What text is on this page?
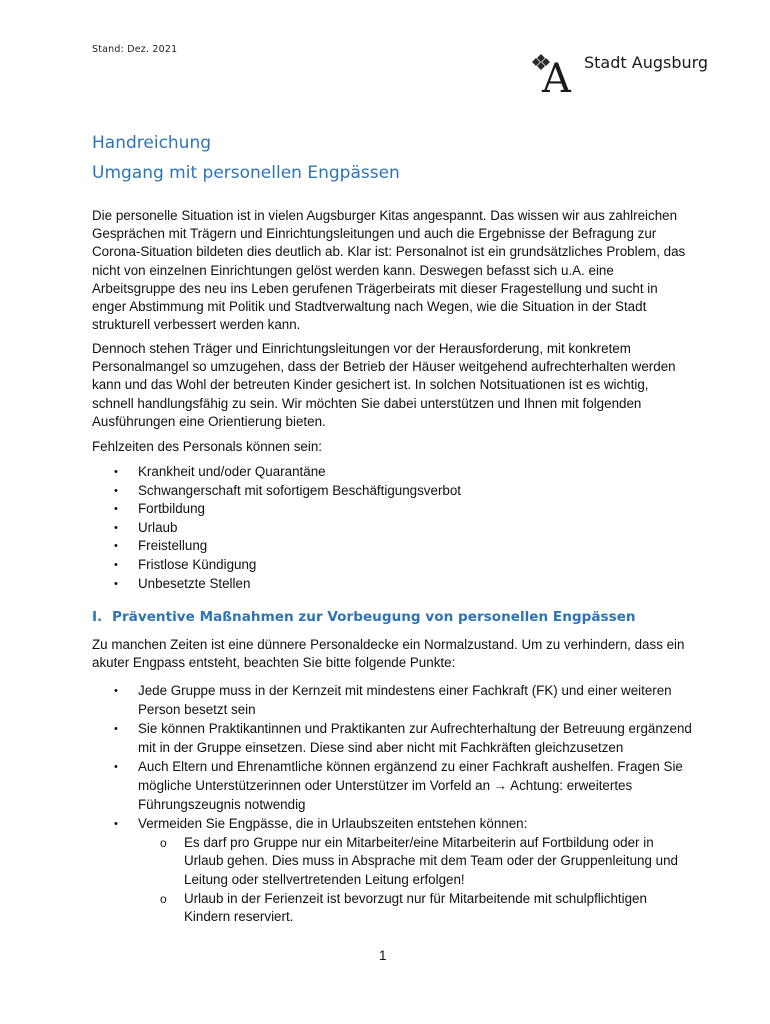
Stand: Dez. 2021
A Stadt Augsburg
Handreichung
Umgang mit personellen Engpässen

Die personelle Situation ist in vielen Augsburger Kitas angespannt. Das wissen wir aus zahlreichen Gesprächen mit Trägern und Einrichtungsleitungen und auch die Ergebnisse der Befragung zur Corona-Situation bildeten dies deutlich ab. Klar ist: Personalnot ist ein grundsätzliches Problem, das nicht von einzelnen Einrichtungen gelöst werden kann. Deswegen befasst sich u.A. eine Arbeitsgruppe des neu ins Leben gerufenen Trägerbeirats mit dieser Fragestellung und sucht in enger Abstimmung mit Politik und Stadtverwaltung nach Wegen, wie die Situation in der Stadt strukturell verbessert werden kann.

Dennoch stehen Träger und Einrichtungsleitungen vor der Herausforderung, mit konkretem Personalmangel so umzugehen, dass der Betrieb der Häuser weitgehend aufrechterhalten werden kann und das Wohl der betreuten Kinder gesichert ist. In solchen Notsituationen ist es wichtig, schnell handlungsfähig zu sein. Wir möchten Sie dabei unterstützen und Ihnen mit folgenden Ausführungen eine Orientierung bieten.

Fehlzeiten des Personals können sein:

• Krankheit und/oder Quarantäne
• Schwangerschaft mit sofortigem Beschäftigungsverbot
• Fortbildung
• Urlaub
• Freistellung
• Fristlose Kündigung
• Unbesetzte Stellen
I. Präventive Maßnahmen zur Vorbeugung von personellen Engpässen

Zu manchen Zeiten ist eine dünnere Personaldecke ein Normalzustand. Um zu verhindern, dass ein akuter Engpass entsteht, beachten Sie bitte folgende Punkte:

• Jede Gruppe muss in der Kernzeit mit mindestens einer Fachkraft (FK) und einer weiteren Person besetzt sein
• Sie können Praktikantinnen und Praktikanten zur Aufrechterhaltung der Betreuung ergänzend mit in der Gruppe einsetzen. Diese sind aber nicht mit Fachkräften gleichzusetzen
• Auch Eltern und Ehrenamtliche können ergänzend zu einer Fachkraft aushelfen. Fragen Sie mögliche Unterstützerinnen oder Unterstützer im Vorfeld an → Achtung: erweitertes Führungszeugnis notwendig
• Vermeiden Sie Engpässe, die in Urlaubszeiten entstehen können:
o Es darf pro Gruppe nur ein Mitarbeiter/eine Mitarbeiterin auf Fortbildung oder in Urlaub gehen. Dies muss in Absprache mit dem Team oder der Gruppenleitung und Leitung oder stellvertretenden Leitung erfolgen!
o Urlaub in der Ferienzeit ist bevorzugt nur für Mitarbeitende mit schulpflichtigen Kindern reserviert.
1
